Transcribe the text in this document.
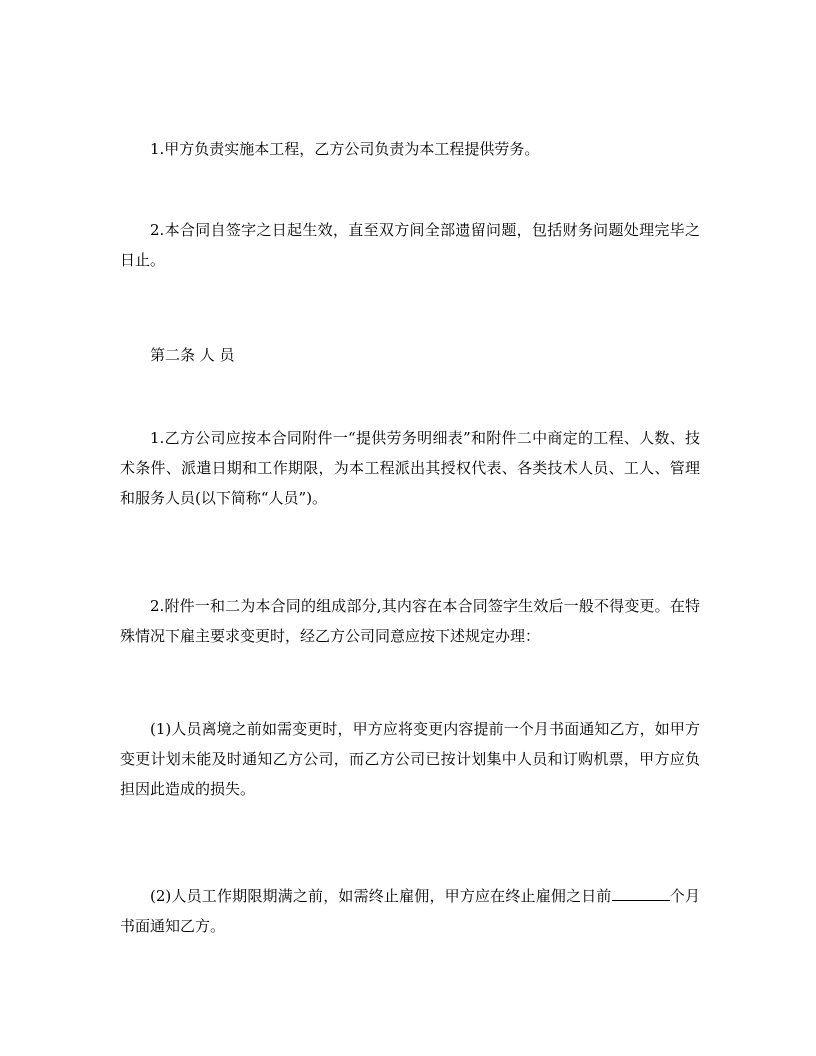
1.甲方负责实施本工程，乙方公司负责为本工程提供劳务。

2.本合同自签字之日起生效，直至双方间全部遗留问题，包括财务问题处理完毕之日止。

第二条 人 员

1.乙方公司应按本合同附件一“提供劳务明细表”和附件二中商定的工程、人数、技术条件、派遣日期和工作期限，为本工程派出其授权代表、各类技术人员、工人、管理和服务人员(以下简称“人员”)。

2.附件一和二为本合同的组成部分,其内容在本合同签字生效后一般不得变更。在特殊情况下雇主要求变更时，经乙方公司同意应按下述规定办理：

(1)人员离境之前如需变更时，甲方应将变更内容提前一个月书面通知乙方，如甲方变更计划未能及时通知乙方公司，而乙方公司已按计划集中人员和订购机票，甲方应负担因此造成的损失。

(2)人员工作期限期满之前，如需终止雇佣，甲方应在终止雇佣之日前	个月书面通知乙方。
